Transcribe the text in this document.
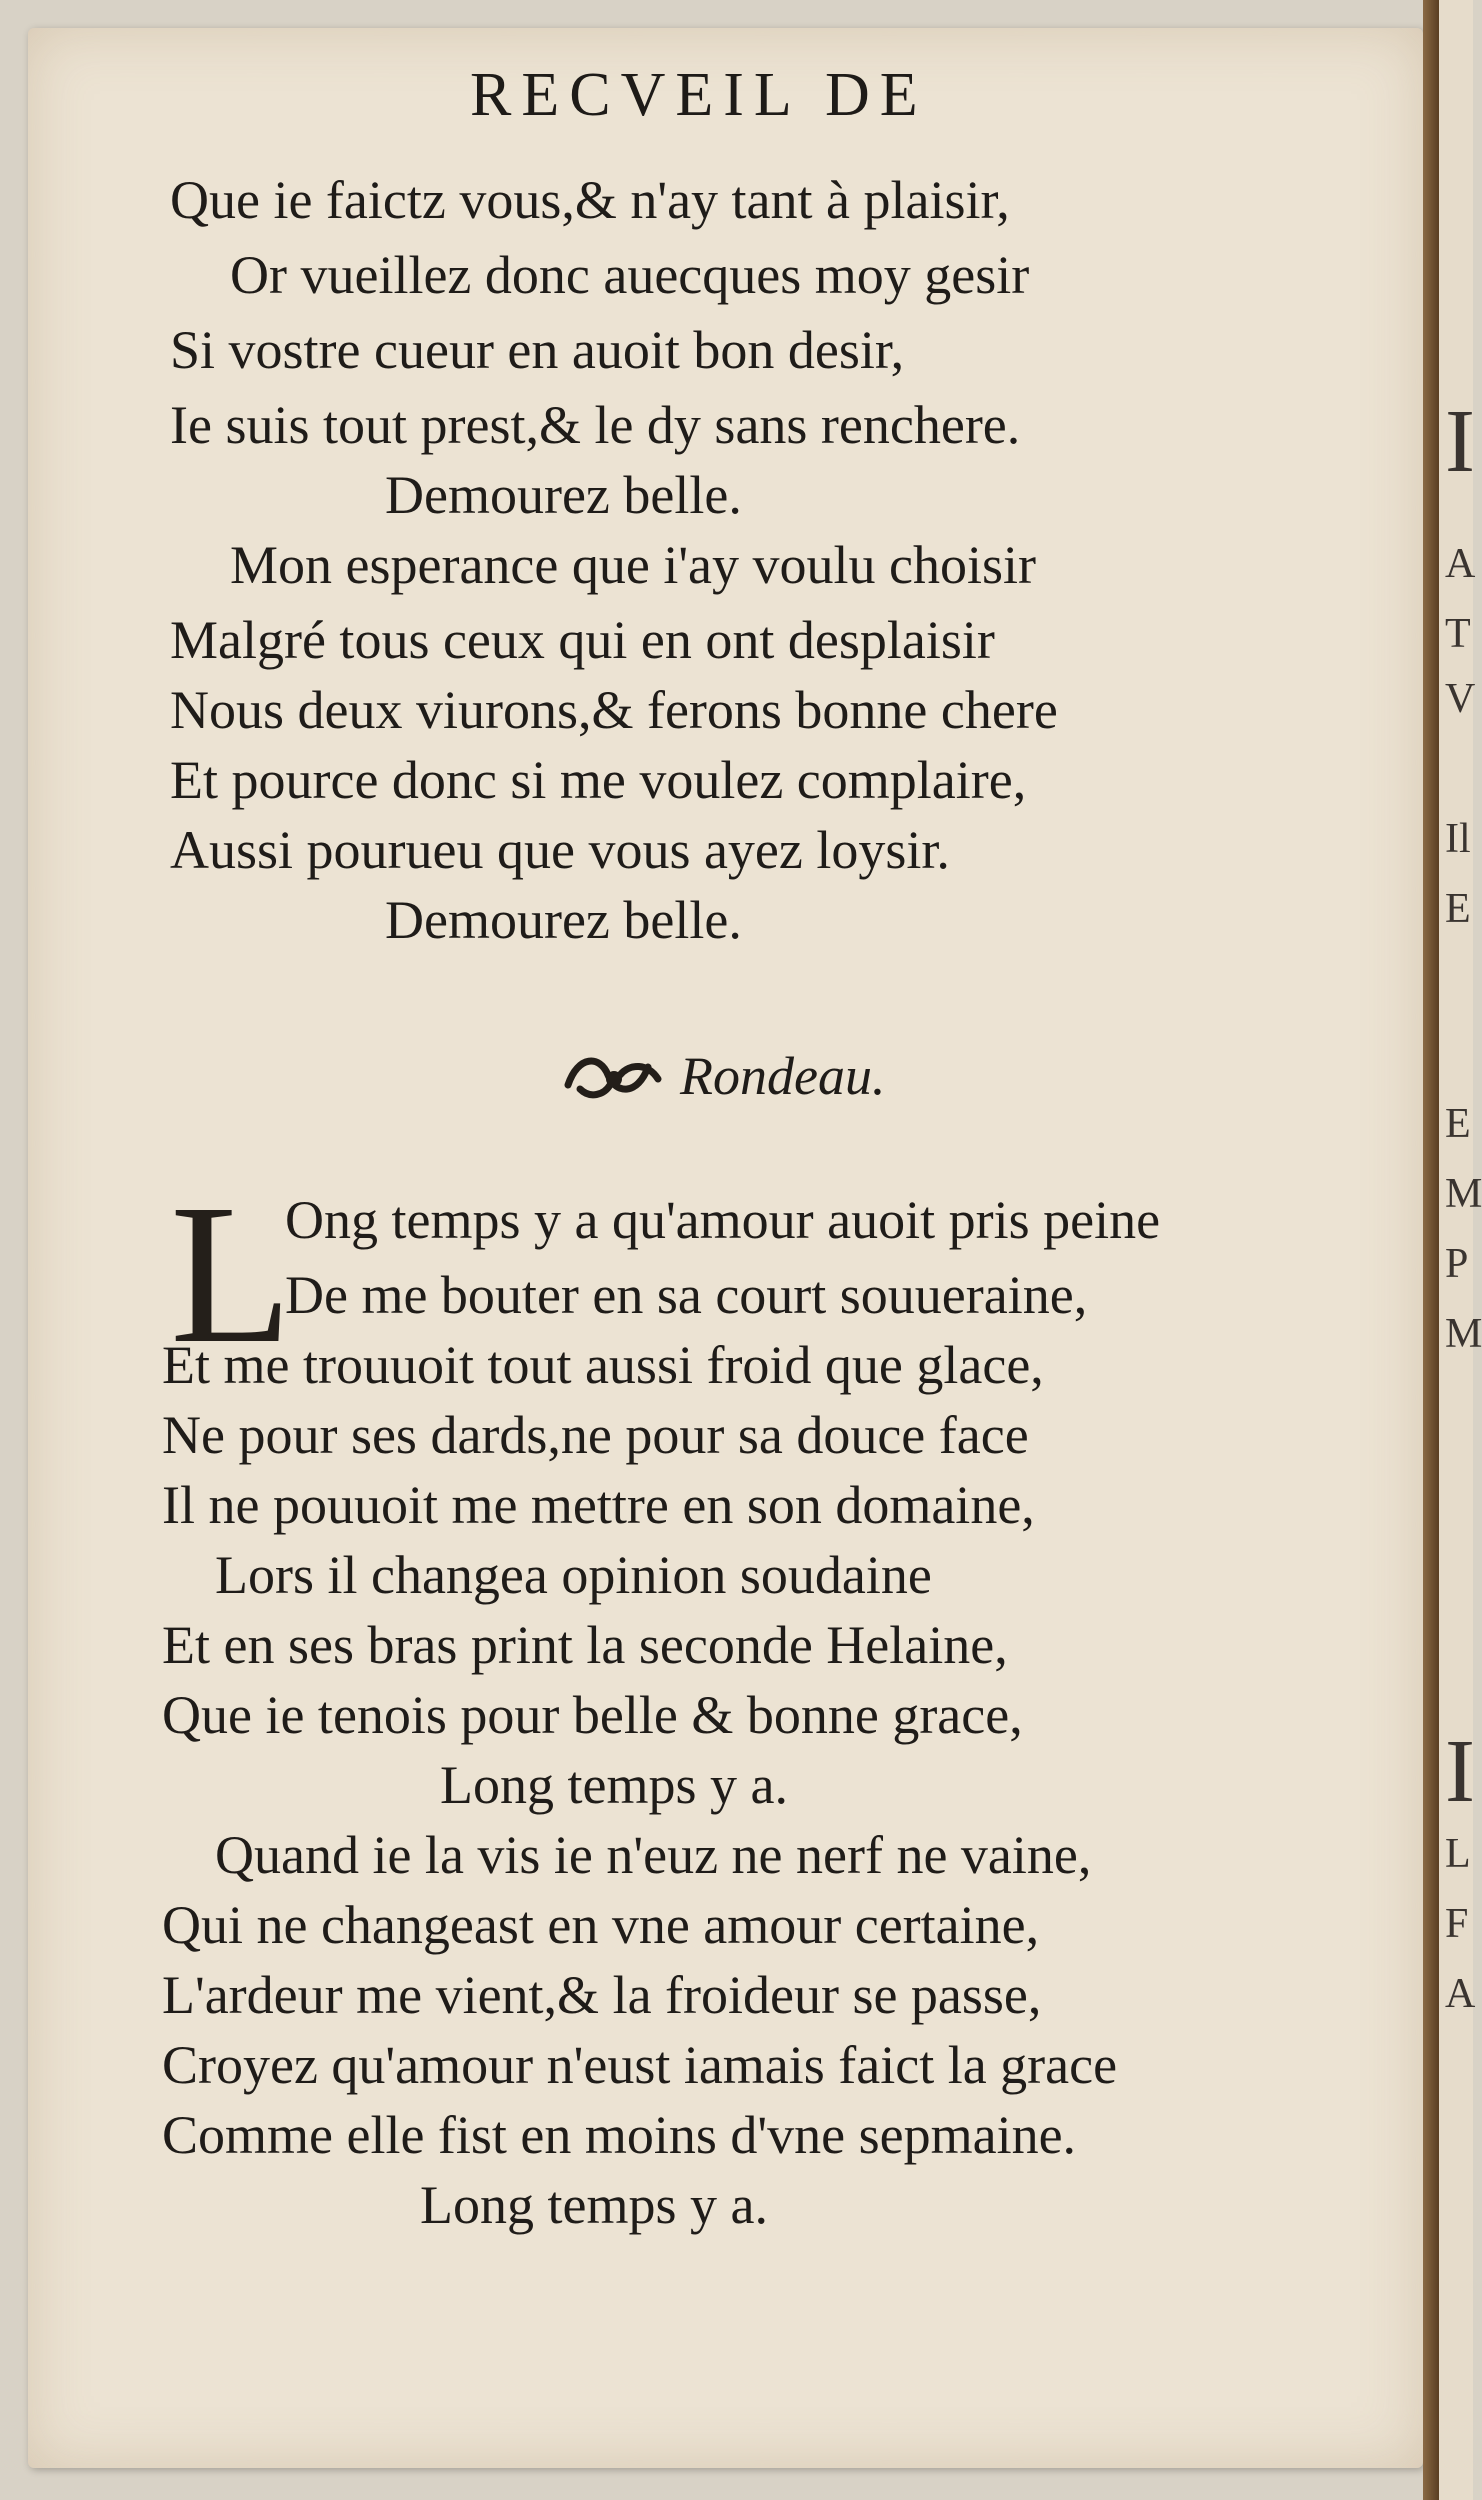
I
A
T
V
Il
E
E
M
P
M
I
L
F
A
RECVEIL DE
Que ie faictz vous,& n'ay tant à plaisir,
Or vueillez donc auecques moy gesir
Si vostre cueur en auoit bon desir,
Ie suis tout prest,& le dy sans renchere.
Demourez belle.
Mon esperance que i'ay voulu choisir
Malgré tous ceux qui en ont desplaisir
Nous deux viurons,& ferons bonne chere
Et pource donc si me voulez complaire,
Aussi pourueu que vous ayez loysir.
Demourez belle.
Rondeau.
L
Ong temps y a qu'amour auoit pris peine
De me bouter en sa court souueraine,
Et me trouuoit tout aussi froid que glace,
Ne pour ses dards,ne pour sa douce face
Il ne pouuoit me mettre en son domaine,
Lors il changea opinion soudaine
Et en ses bras print la seconde Helaine,
Que ie tenois pour belle & bonne grace,
Long temps y a.
Quand ie la vis ie n'euz ne nerf ne vaine,
Qui ne changeast en vne amour certaine,
L'ardeur me vient,& la froideur se passe,
Croyez qu'amour n'eust iamais faict la grace
Comme elle fist en moins d'vne sepmaine.
Long temps y a.
